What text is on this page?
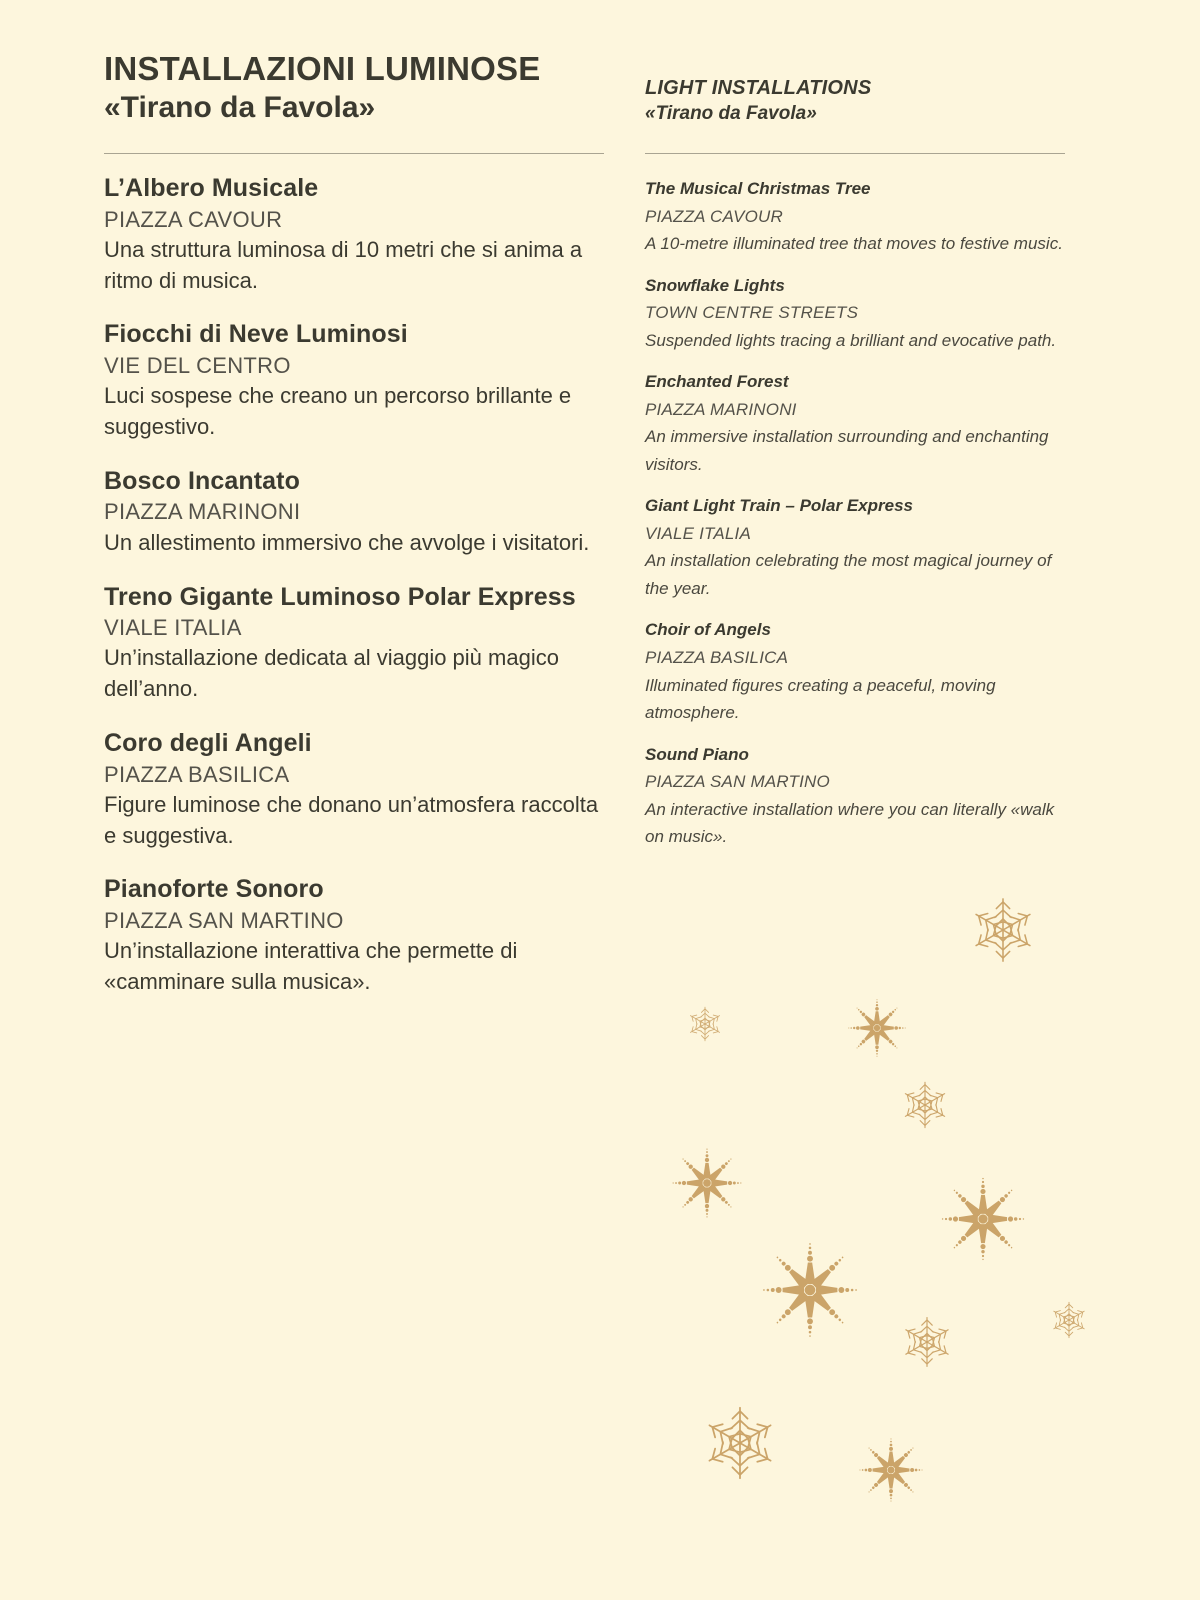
INSTALLAZIONI LUMINOSE
«Tirano da Favola»
LIGHT INSTALLATIONS
«Tirano da Favola»
L’Albero Musicale
PIAZZA CAVOUR
Una struttura luminosa di 10 metri che si anima a ritmo di musica.
Fiocchi di Neve Luminosi
VIE DEL CENTRO
Luci sospese che creano un percorso brillante e suggestivo.
Bosco Incantato
PIAZZA MARINONI
Un allestimento immersivo che avvolge i visitatori.
Treno Gigante Luminoso Polar Express
VIALE ITALIA
Un’installazione dedicata al viaggio più magico dell’anno.
Coro degli Angeli
PIAZZA BASILICA
Figure luminose che donano un’atmosfera raccolta e suggestiva.
Pianoforte Sonoro
PIAZZA SAN MARTINO
Un’installazione interattiva che permette di «camminare sulla musica».
The Musical Christmas Tree
PIAZZA CAVOUR
A 10-metre illuminated tree that moves to festive music.
Snowflake Lights
TOWN CENTRE STREETS
Suspended lights tracing a brilliant and evocative path.
Enchanted Forest
PIAZZA MARINONI
An immersive installation surrounding and enchanting visitors.
Giant Light Train – Polar Express
VIALE ITALIA
An installation celebrating the most magical journey of the year.
Choir of Angels
PIAZZA BASILICA
Illuminated figures creating a peaceful, moving atmosphere.
Sound Piano
PIAZZA SAN MARTINO
An interactive installation where you can literally «walk on music».
